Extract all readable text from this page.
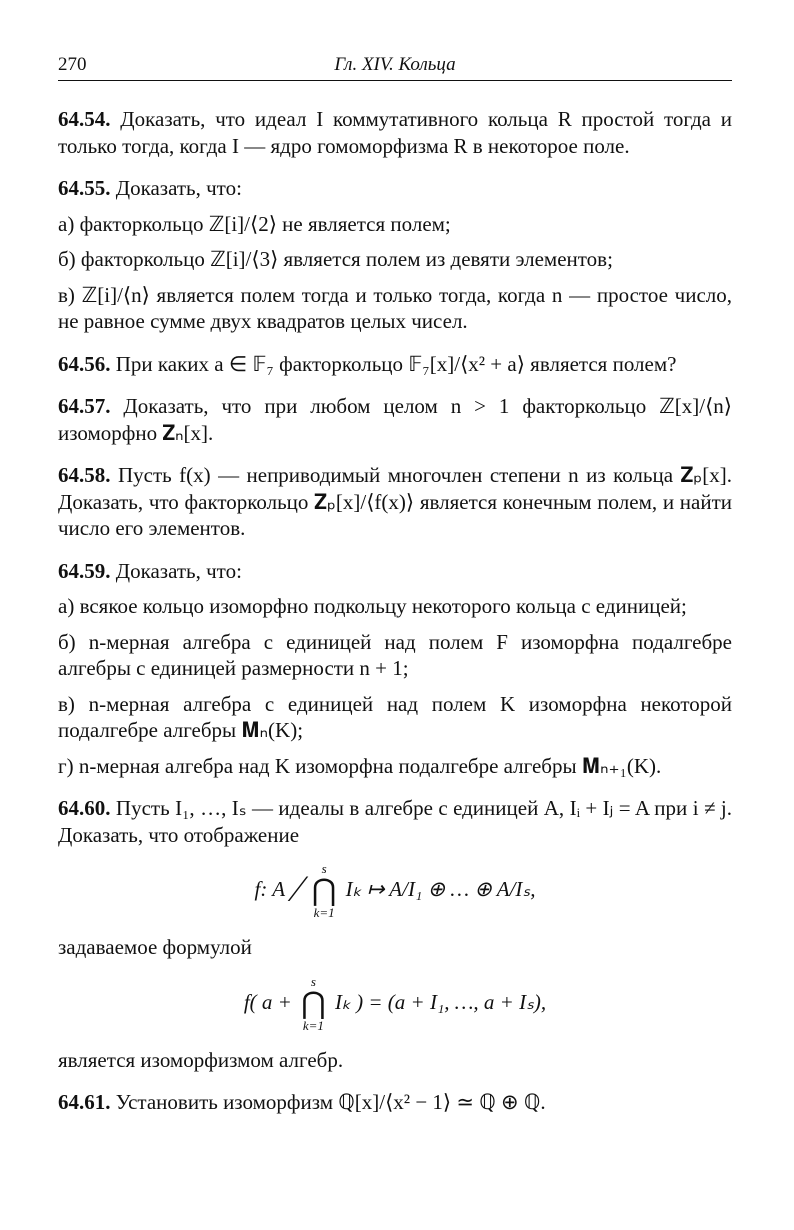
270	Гл. XIV. Кольца

64.54. Доказать, что идеал I коммутативного кольца R простой тогда и только тогда, когда I — ядро гомоморфизма R в некоторое поле.

64.55. Доказать, что:

а) факторкольцо ℤ[i]/⟨2⟩ не является полем;

б) факторкольцо ℤ[i]/⟨3⟩ является полем из девяти элементов;

в) ℤ[i]/⟨n⟩ является полем тогда и только тогда, когда n — простое число, не равное сумме двух квадратов целых чисел.

64.56. При каких a ∈ 𝔽₇ факторкольцо 𝔽₇[x]/⟨x² + a⟩ является полем?

64.57. Доказать, что при любом целом n > 1 факторкольцо ℤ[x]/⟨n⟩ изоморфно 𝐙ₙ[x].

64.58. Пусть f(x) — неприводимый многочлен степени n из кольца 𝐙ₚ[x]. Доказать, что факторкольцо 𝐙ₚ[x]/⟨f(x)⟩ является конечным полем, и найти число его элементов.

64.59. Доказать, что:

а) всякое кольцо изоморфно подкольцу некоторого кольца с единицей;

б) n-мерная алгебра с единицей над полем F изоморфна подалгебре алгебры с единицей размерности n + 1;

в) n-мерная алгебра с единицей над полем K изоморфна некоторой подалгебре алгебры 𝐌ₙ(K);

г) n-мерная алгебра над K изоморфна подалгебре алгебры 𝐌ₙ₊₁(K).

64.60. Пусть I₁, …, Iₛ — идеалы в алгебре с единицей A, Iᵢ + Iⱼ = A при i ≠ j. Доказать, что отображение

f: A ╱
s
⋂
k=1
Iₖ ↦ A/I₁ ⊕ … ⊕ A/Iₛ,

задаваемое формулой

f( a +
s
⋂
k=1
Iₖ ) = (a + I₁, …, a + Iₛ),

является изоморфизмом алгебр.

64.61. Установить изоморфизм ℚ[x]/⟨x² − 1⟩ ≃ ℚ ⊕ ℚ.
